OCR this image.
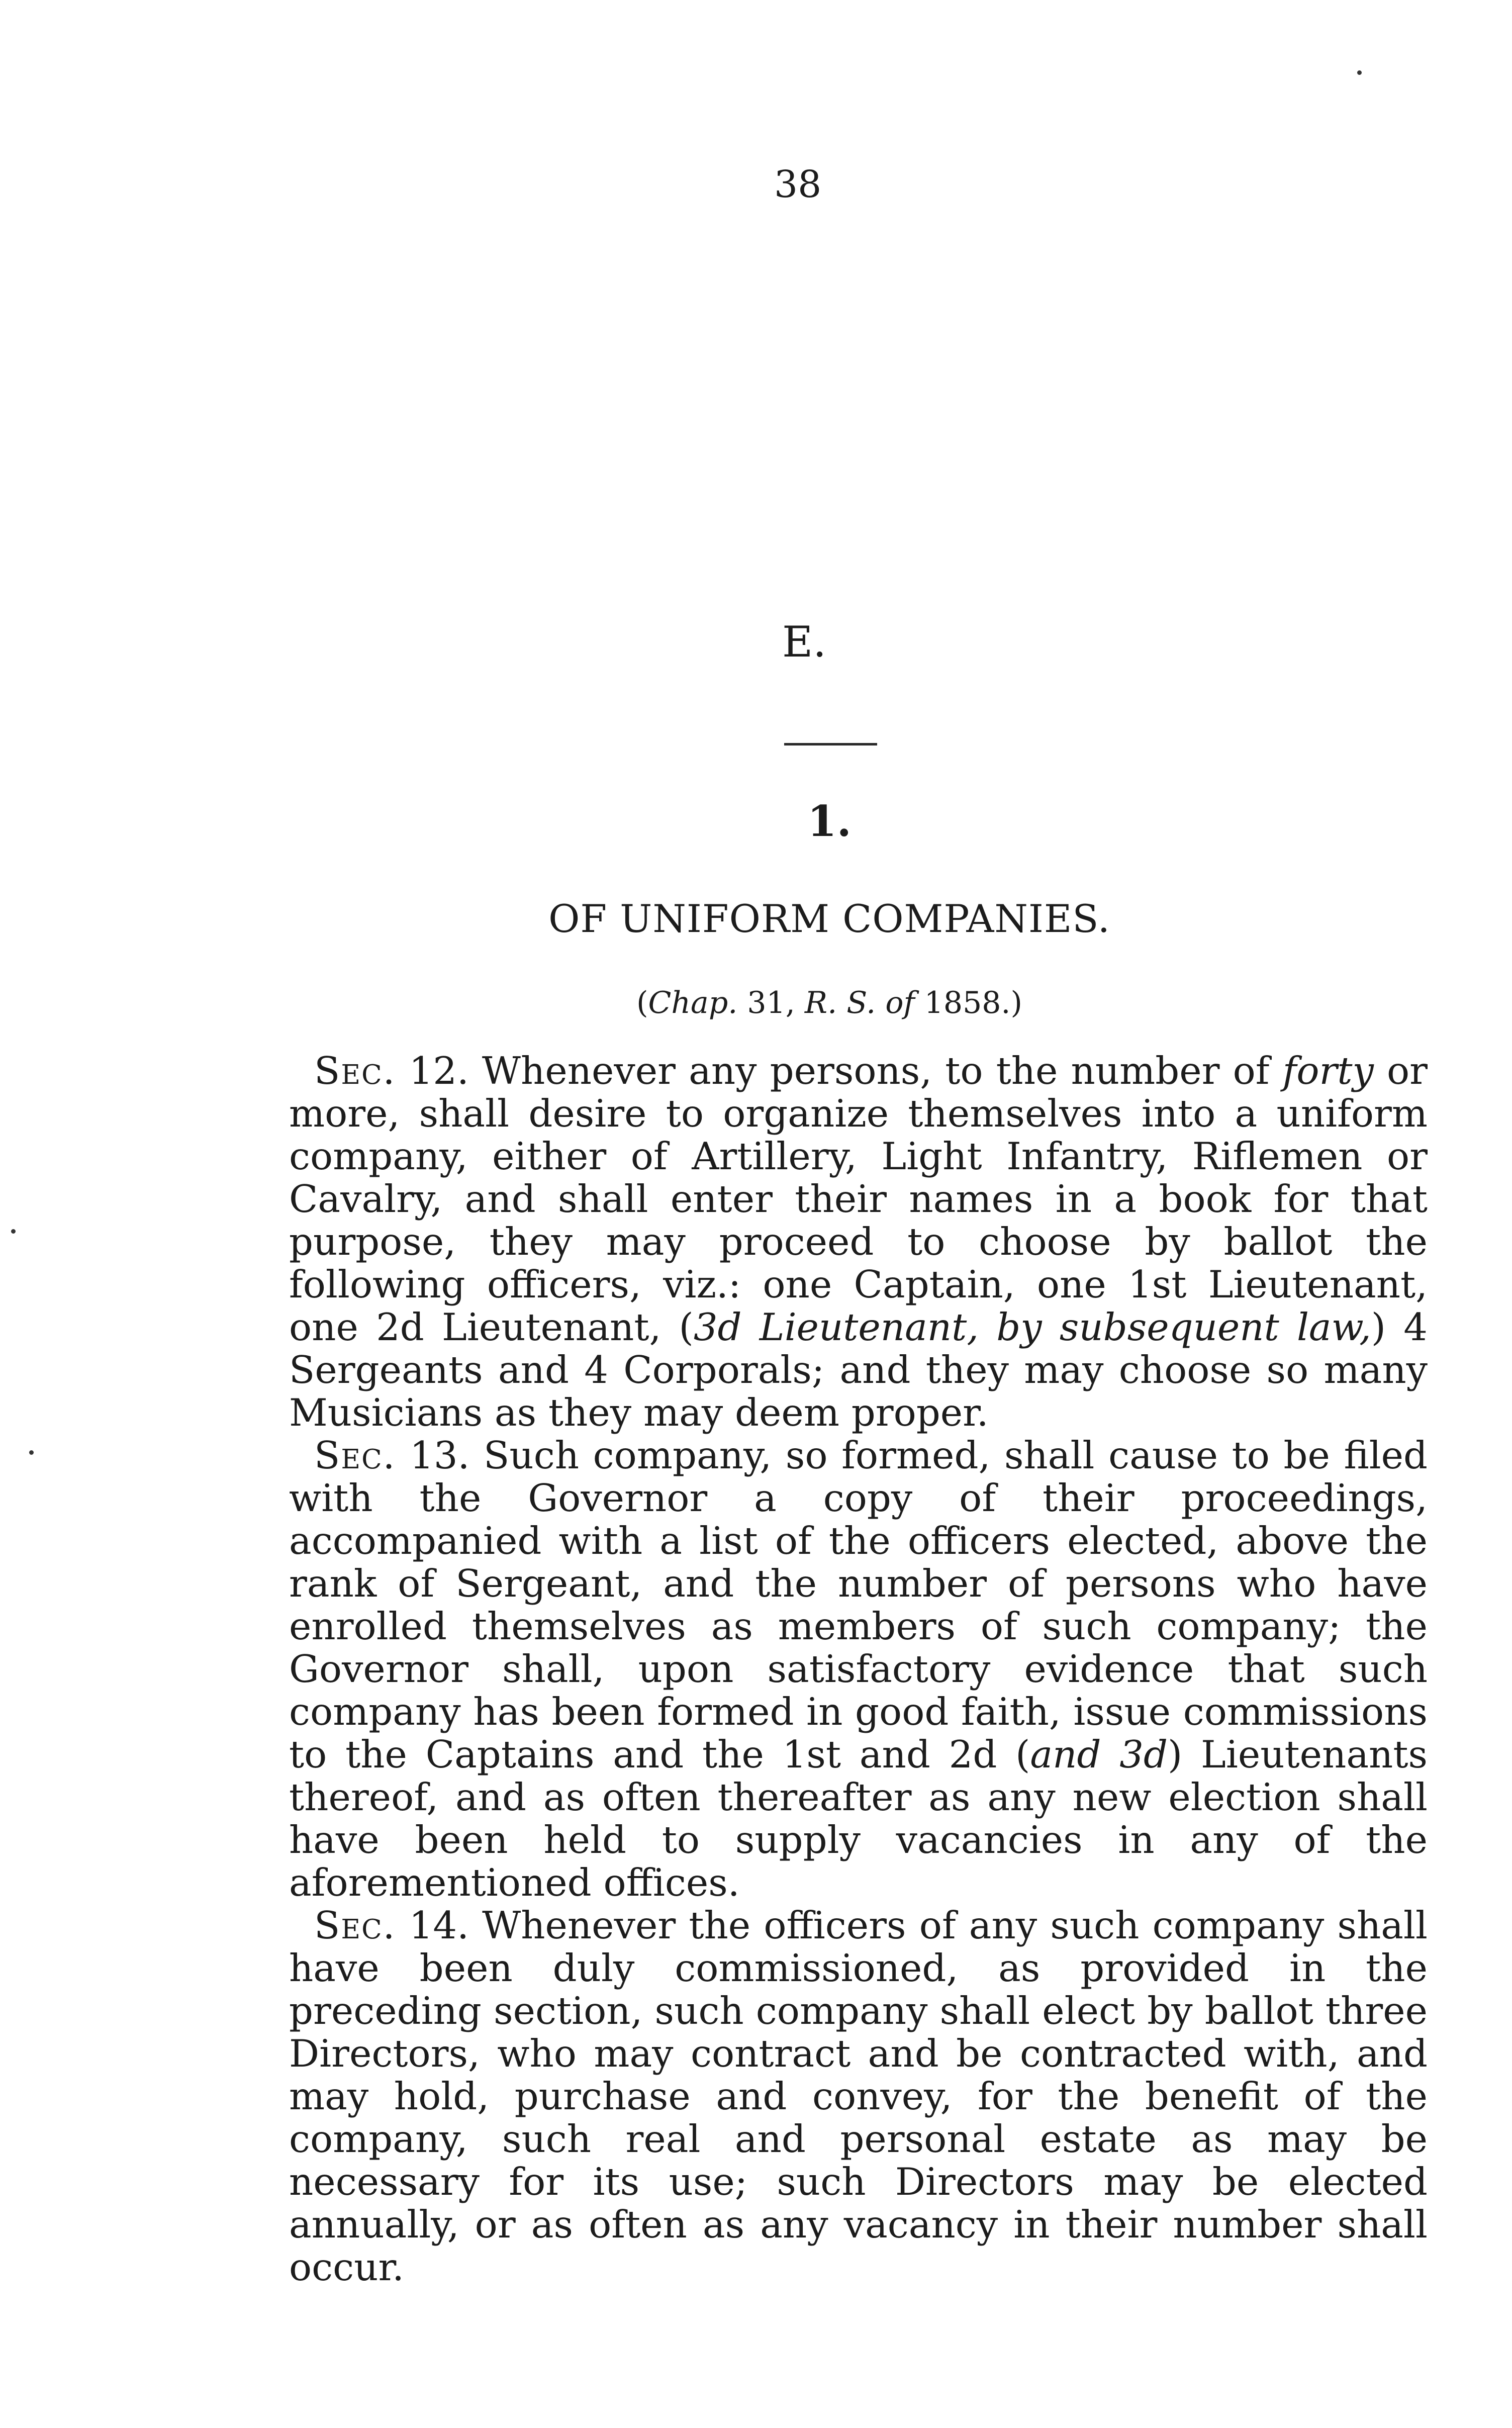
38
E.
1.
OF UNIFORM COMPANIES.
(Chap. 31, R. S. of 1858.)

Sec. 12. Whenever any persons, to the number of forty or more, shall desire to organize themselves into a uniform company, either of Artillery, Light Infantry, Riflemen or Cavalry, and shall enter their names in a book for that purpose, they may proceed to choose by ballot the following officers, viz.: one Captain, one 1st Lieutenant, one 2d Lieutenant, (3d Lieutenant, by subsequent law,) 4 Sergeants and 4 Corporals; and they may choose so many Musicians as they may deem proper.

Sec. 13. Such company, so formed, shall cause to be filed with the Governor a copy of their proceedings, accompanied with a list of the officers elected, above the rank of Sergeant, and the number of persons who have enrolled themselves as members of such company; the Governor shall, upon satisfactory evidence that such company has been formed in good faith, issue commissions to the Captains and the 1st and 2d (and 3d) Lieutenants thereof, and as often thereafter as any new election shall have been held to supply vacancies in any of the aforementioned offices.

Sec. 14. Whenever the officers of any such company shall have been duly commissioned, as provided in the preceding section, such company shall elect by ballot three Directors, who may contract and be contracted with, and may hold, purchase and convey, for the benefit of the company, such real and personal estate as may be necessary for its use; such Directors may be elected annually, or as often as any vacancy in their number shall occur.
